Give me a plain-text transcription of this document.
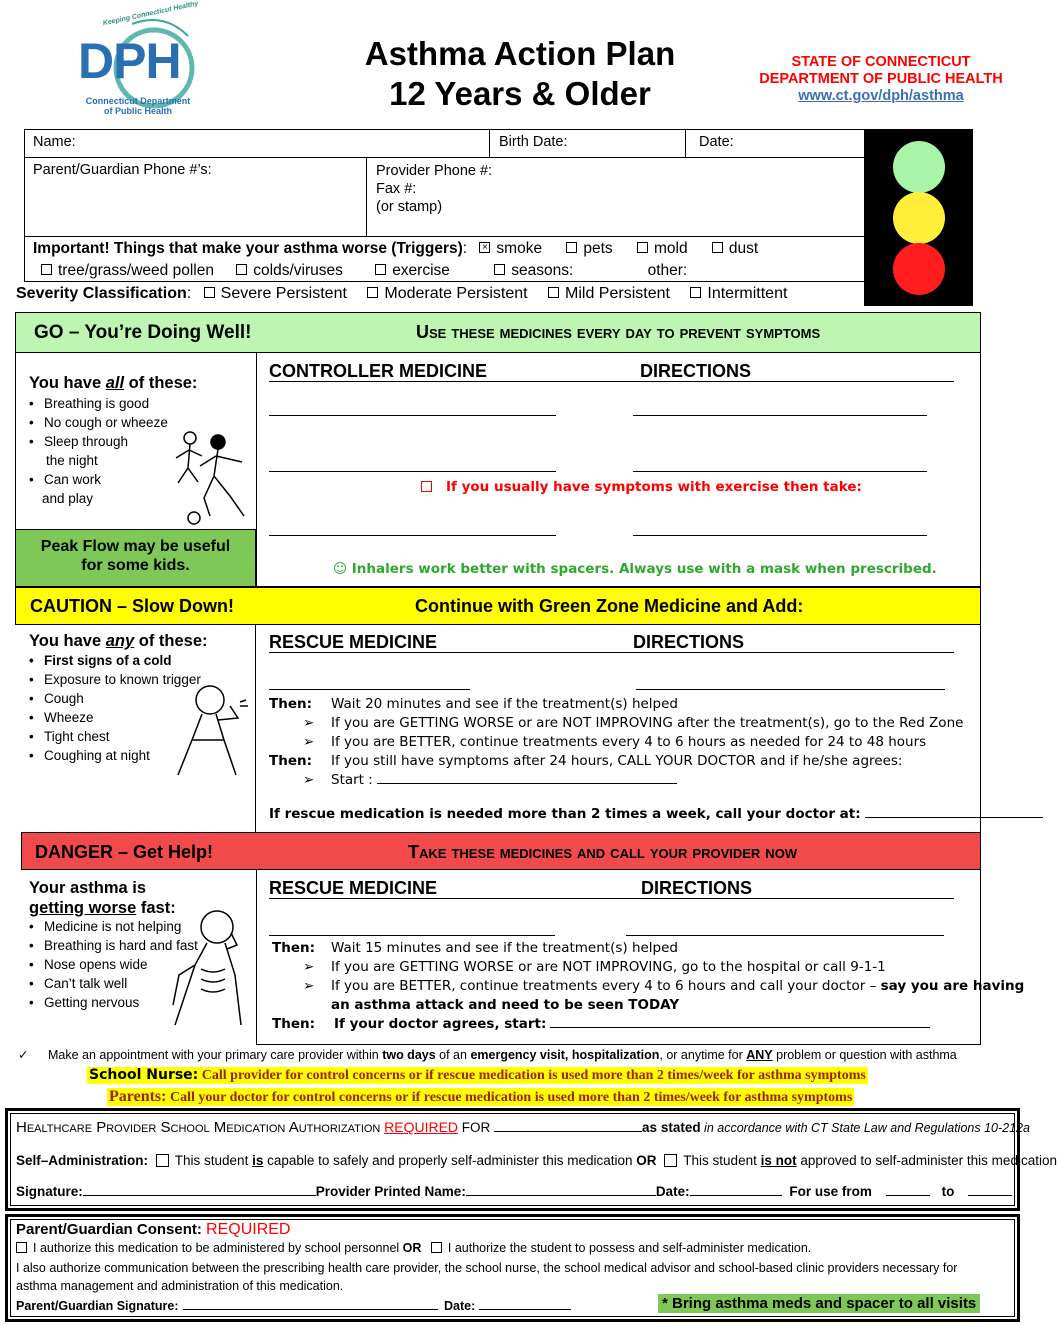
Keeping Connecticut Healthy
DPH
Connecticut Department
of Public Health
Asthma Action Plan
12 Years & Older
STATE OF CONNECTICUT
DEPARTMENT OF PUBLIC HEALTH
www.ct.gov/dph/asthma
Name:	Birth Date:	Date:
Parent/Guardian Phone #’s:	Provider Phone #:
Fax #:
(or stamp)
Important! Things that make your asthma worse (Triggers): × smoke	pets	mold	dust
tree/grass/weed pollen	colds/viruses	exercise	seasons:	other:
Severity Classification: Severe Persistent Moderate Persistent Mild Persistent Intermittent
GO – You’re Doing Well!	Use these medicines every day to prevent symptoms
You have all of these:
• Breathing is good
• No cough or wheeze
• Sleep through
the night
• Can work
and play
Peak Flow may be useful
for some kids.
CONTROLLER MEDICINE	DIRECTIONS
If you usually have symptoms with exercise then take:
☺ Inhalers work better with spacers. Always use with a mask when prescribed.
CAUTION – Slow Down!	Continue with Green Zone Medicine and Add:
You have any of these:
• First signs of a cold
• Exposure to known trigger
• Cough
• Wheeze
• Tight chest
• Coughing at night
RESCUE MEDICINE	DIRECTIONS
Then: Wait 20 minutes and see if the treatment(s) helped
➢ If you are GETTING WORSE or are NOT IMPROVING after the treatment(s), go to the Red Zone
➢ If you are BETTER, continue treatments every 4 to 6 hours as needed for 24 to 48 hours
Then: If you still have symptoms after 24 hours, CALL YOUR DOCTOR and if he/she agrees:
➢ Start :
If rescue medication is needed more than 2 times a week, call your doctor at:
DANGER – Get Help!	Take these medicines and call your provider now
Your asthma is
getting worse fast:
• Medicine is not helping
• Breathing is hard and fast
• Nose opens wide
• Can’t talk well
• Getting nervous
RESCUE MEDICINE	DIRECTIONS
Then: Wait 15 minutes and see if the treatment(s) helped
➢ If you are GETTING WORSE or are NOT IMPROVING, go to the hospital or call 9-1-1
➢ If you are BETTER, continue treatments every 4 to 6 hours and call your doctor – say you are having
an asthma attack and need to be seen TODAY
Then: If your doctor agrees, start:
✓ Make an appointment with your primary care provider within two days of an emergency visit, hospitalization, or anytime for ANY problem or question with asthma
School Nurse: Call provider for control concerns or if rescue medication is used more than 2 times/week for asthma symptoms
Parents: Call your doctor for control concerns or if rescue medication is used more than 2 times/week for asthma symptoms
Healthcare Provider School Medication Authorization REQUIRED FOR	as stated in accordance with CT State Law and Regulations 10-212a
Self–Administration: This student is capable to safely and properly self-administer this medication OR This student is not approved to self-administer this medication
Signature:	Provider Printed Name:	Date:	For use from	to
Parent/Guardian Consent: REQUIRED
I authorize this medication to be administered by school personnel OR I authorize the student to possess and self-administer medication.
I also authorize communication between the prescribing health care provider, the school nurse, the school medical advisor and school-based clinic providers necessary for
asthma management and administration of this medication.
Parent/Guardian Signature:	Date:	* Bring asthma meds and spacer to all visits
